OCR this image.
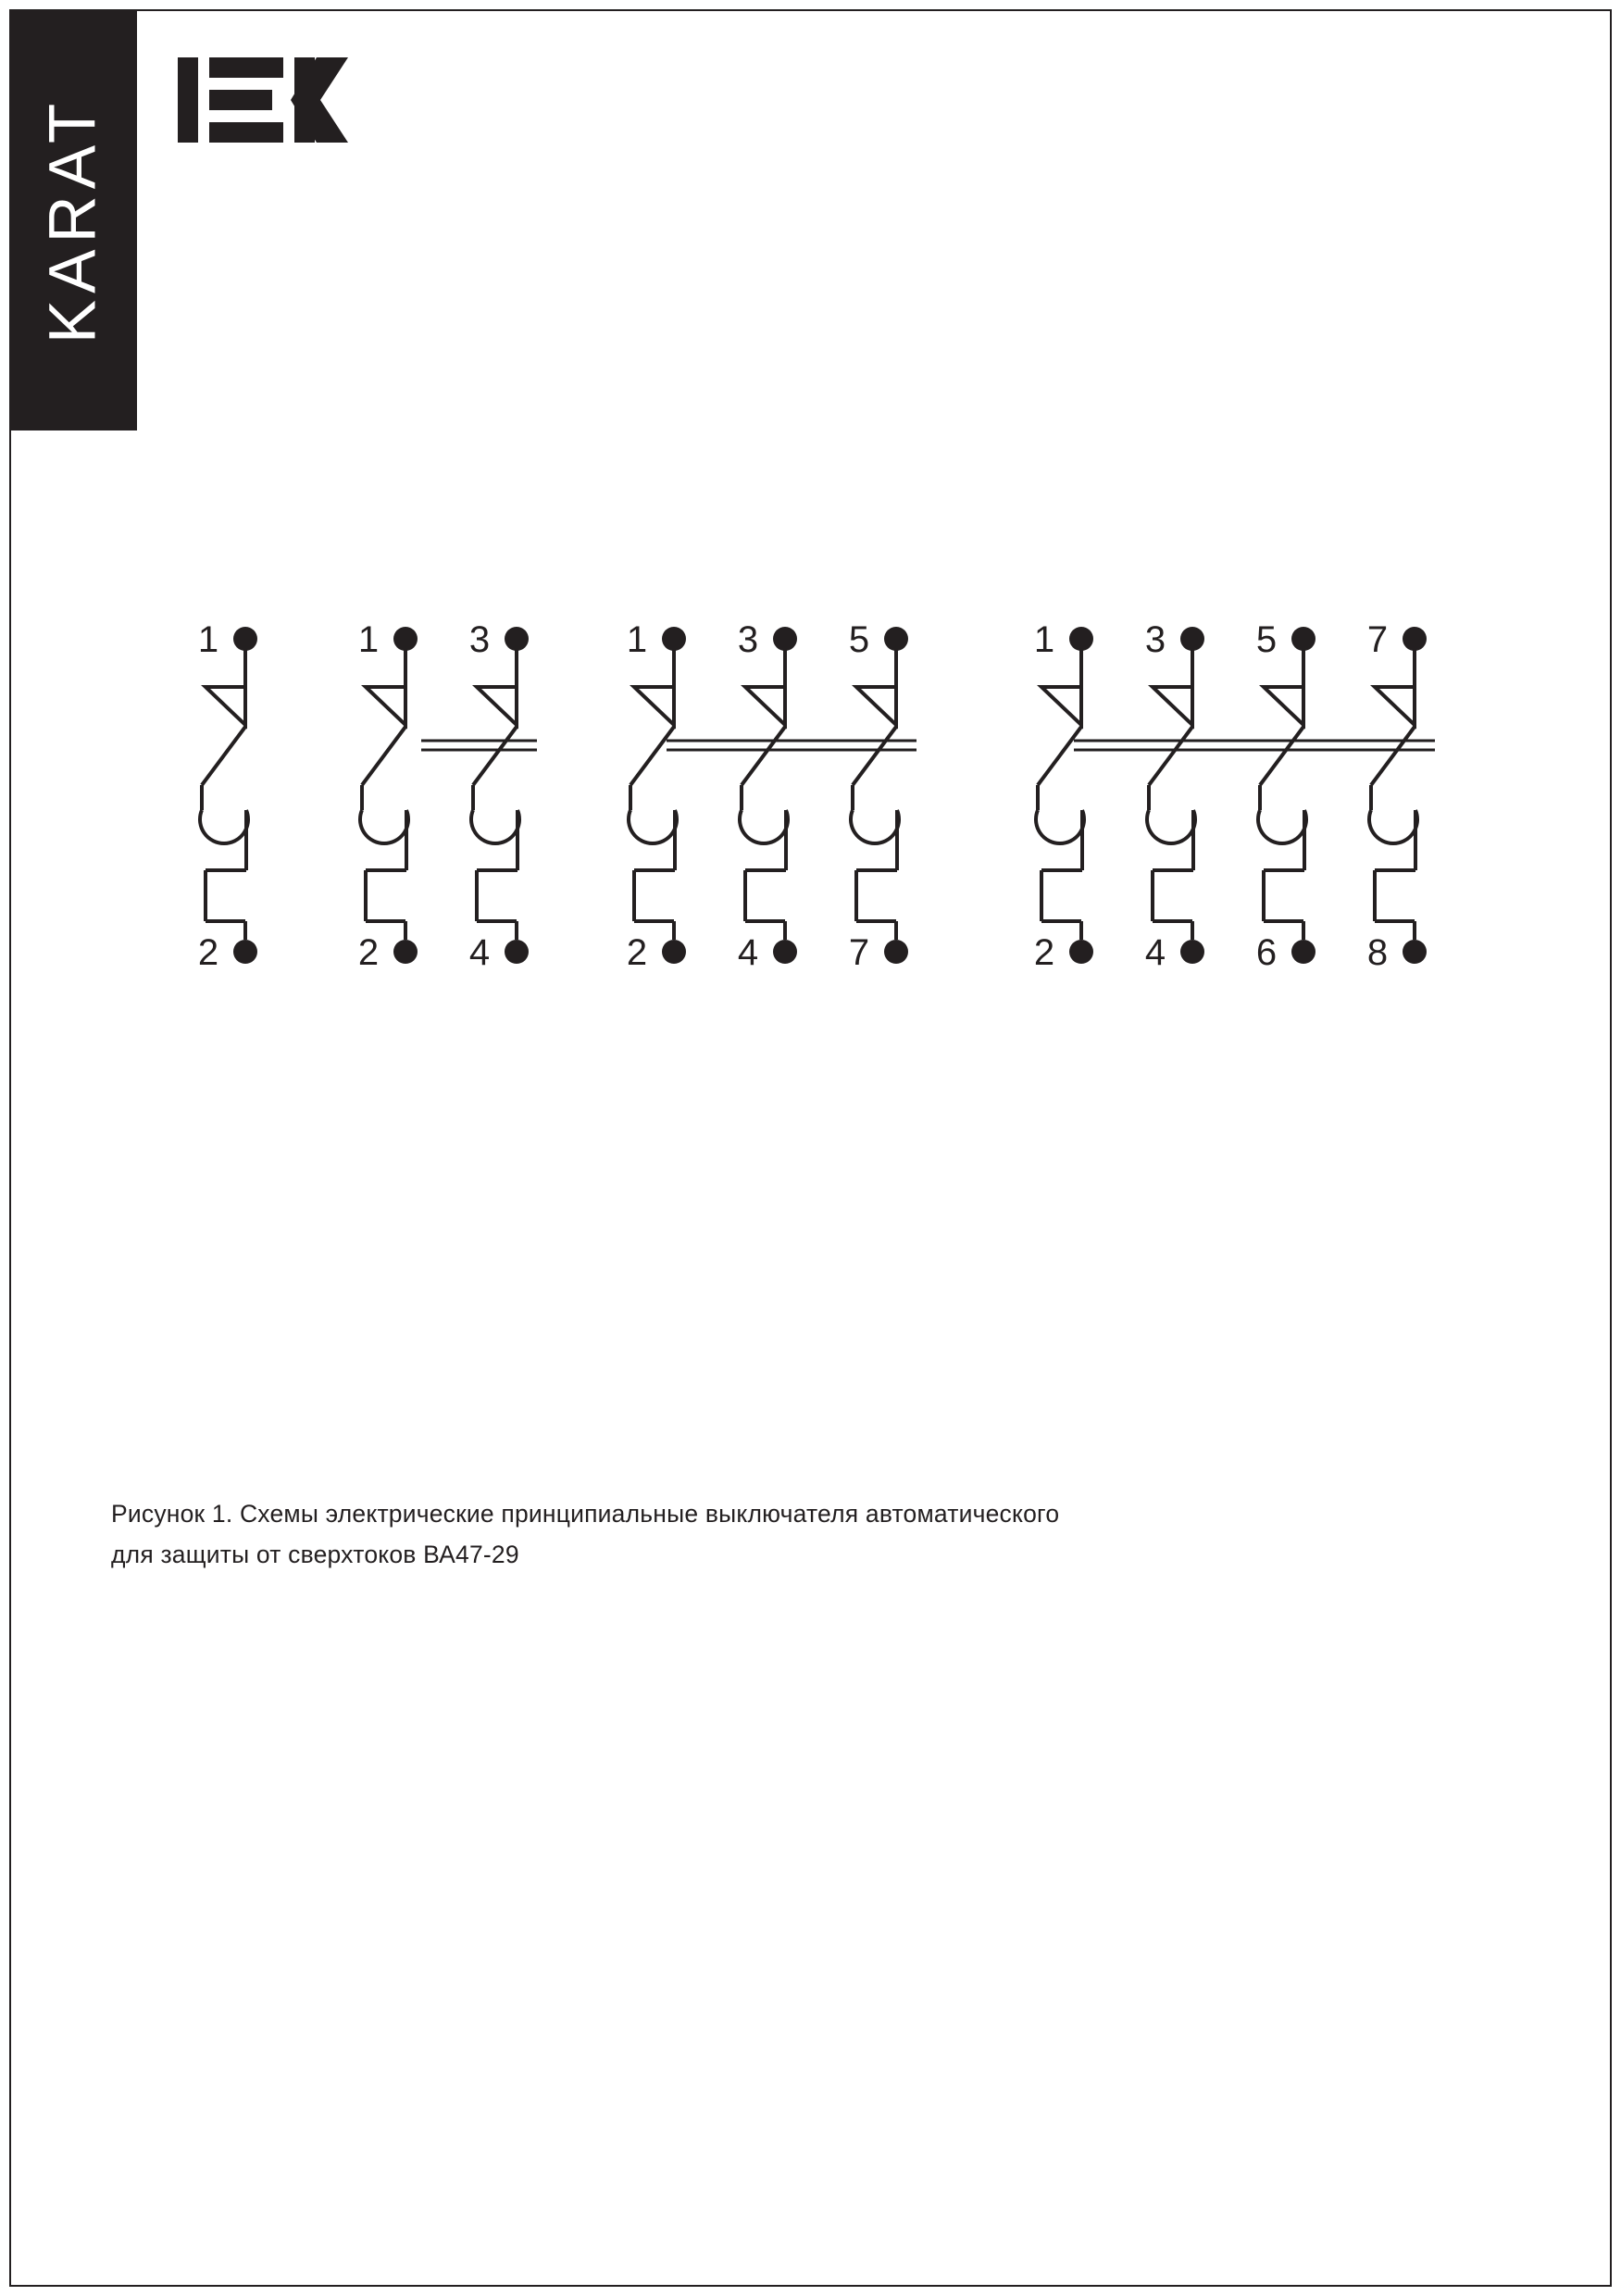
KARAT
1
2
1 3
2 4
1 3 5
2 4 7
1 3 5 7
2 4 6 8
Рисунок 1. Схемы электрические принципиальные выключателя автоматического
для защиты от сверхтоков ВА47-29
